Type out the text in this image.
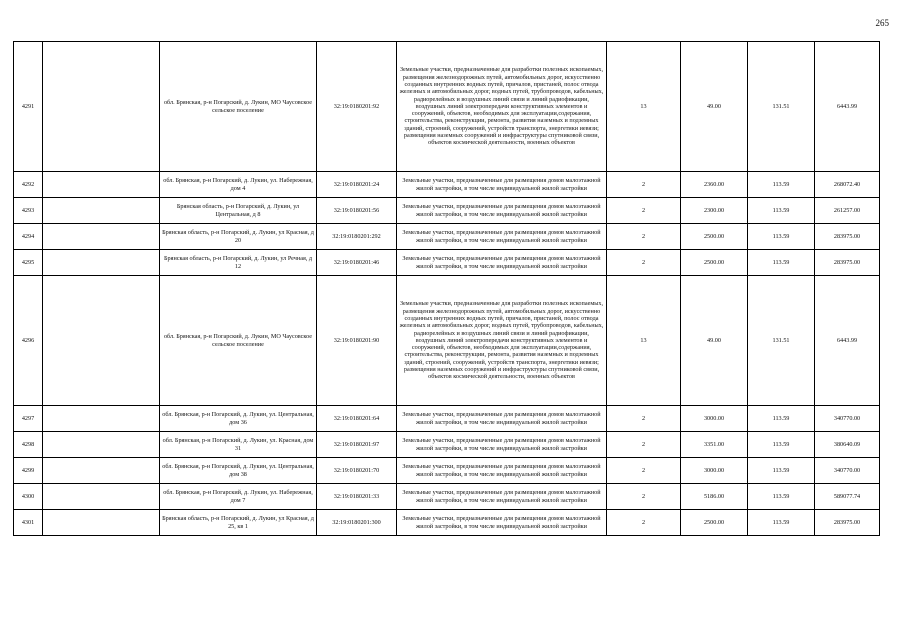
265
4291		обл. Брянская, р-н Погарский, д. Лукин, МО Чаусовское сельское поселение	32:19:0180201:92	Земельные участки, предназначенные для разработки полезных ископаемых, размещения железнодорожных путей, автомобильных дорог, искусственно созданных внутренних водных путей, причалов, пристаней, полос отвода железных и автомобильных дорог, водных путей, трубопроводов, кабельных, радиорелейных и воздушных линий связи и линий радиофикации, воздушных линий электропередачи конструктивных элементов и сооружений, объектов, необходимых для эксплуатации,содержания, строительства, реконструкции, ремонта, развития наземных и подземных зданий, строений, сооружений, устройств транспорта, энергетики иевязи; размещения наземных сооружений и инфраструктуры спутниковой связи, объектов космической деятельности, военных объектов	13	49.00	131.51	6443.99
4292		обл. Брянская, р-н Погарский, д. Лукин, ул. Набережная, дом 4	32:19:0180201:24	Земельные участки, предназначенные для размещения домов малоэтажной жилой застройки, в том числе индивидуальной жилой застройки	2	2360.00	113.59	268072.40
4293		Брянская область, р-н Погарский, д. Лукин, ул Центральная, д 8	32:19:0180201:56	Земельные участки, предназначенные для размещения домов малоэтажной жилой застройки, в том числе индивидуальной жилой застройки	2	2300.00	113.59	261257.00
4294		Брянская область, р-н Погарский, д. Лукин, ул Красная, д 20	32:19:0180201:292	Земельные участки, предназначенные для размещения домов малоэтажной жилой застройки, в том числе индивидуальной жилой застройки	2	2500.00	113.59	283975.00
4295		Брянская область, р-н Погарский, д. Лукин, ул Речная, д 12	32:19:0180201:46	Земельные участки, предназначенные для размещения домов малоэтажной жилой застройки, в том числе индивидуальной жилой застройки	2	2500.00	113.59	283975.00
4296		обл. Брянская, р-н Погарский, д. Лукин, МО Чаусовское сельское поселение	32:19:0180201:90	Земельные участки, предназначенные для разработки полезных ископаемых, размещения железнодорожных путей, автомобильных дорог, искусственно созданных внутренних водных путей, причалов, пристаней, полос отвода железных и автомобильных дорог, водных путей, трубопроводов, кабельных, радиорелейных и воздушных линий связи и линий радиофикации, воздушных линий электропередачи конструктивных элементов и сооружений, объектов, необходимых для эксплуатации,содержания, строительства, реконструкции, ремонта, развития наземных и подземных зданий, строений, сооружений, устройств транспорта, энергетики иевязи; размещения наземных сооружений и инфраструктуры спутниковой связи, объектов космической деятельности, военных объектов	13	49.00	131.51	6443.99
4297		обл. Брянская, р-н Погарский, д. Лукин, ул. Центральная, дом 36	32:19:0180201:64	Земельные участки, предназначенные для размещения домов малоэтажной жилой застройки, в том числе индивидуальной жилой застройки	2	3000.00	113.59	340770.00
4298		обл. Брянская, р-н Погарский, д. Лукин, ул. Красная, дом 31	32:19:0180201:97	Земельные участки, предназначенные для размещения домов малоэтажной жилой застройки, в том числе индивидуальной жилой застройки	2	3351.00	113.59	380640.09
4299		обл. Брянская, р-н Погарский, д. Лукин, ул. Центральная, дом 38	32:19:0180201:70	Земельные участки, предназначенные для размещения домов малоэтажной жилой застройки, в том числе индивидуальной жилой застройки	2	3000.00	113.59	340770.00
4300		обл. Брянская, р-н Погарский, д. Лукин, ул. Набережная, дом 7	32:19:0180201:33	Земельные участки, предназначенные для размещения домов малоэтажной жилой застройки, в том числе индивидуальной жилой застройки	2	5186.00	113.59	589077.74
4301		Брянская область, р-н Погарский, д. Лукин, ул Красная, д 25, кв 1	32:19:0180201:300	Земельные участки, предназначенные для размещения домов малоэтажной жилой застройки, в том числе индивидуальной жилой застройки	2	2500.00	113.59	283975.00
